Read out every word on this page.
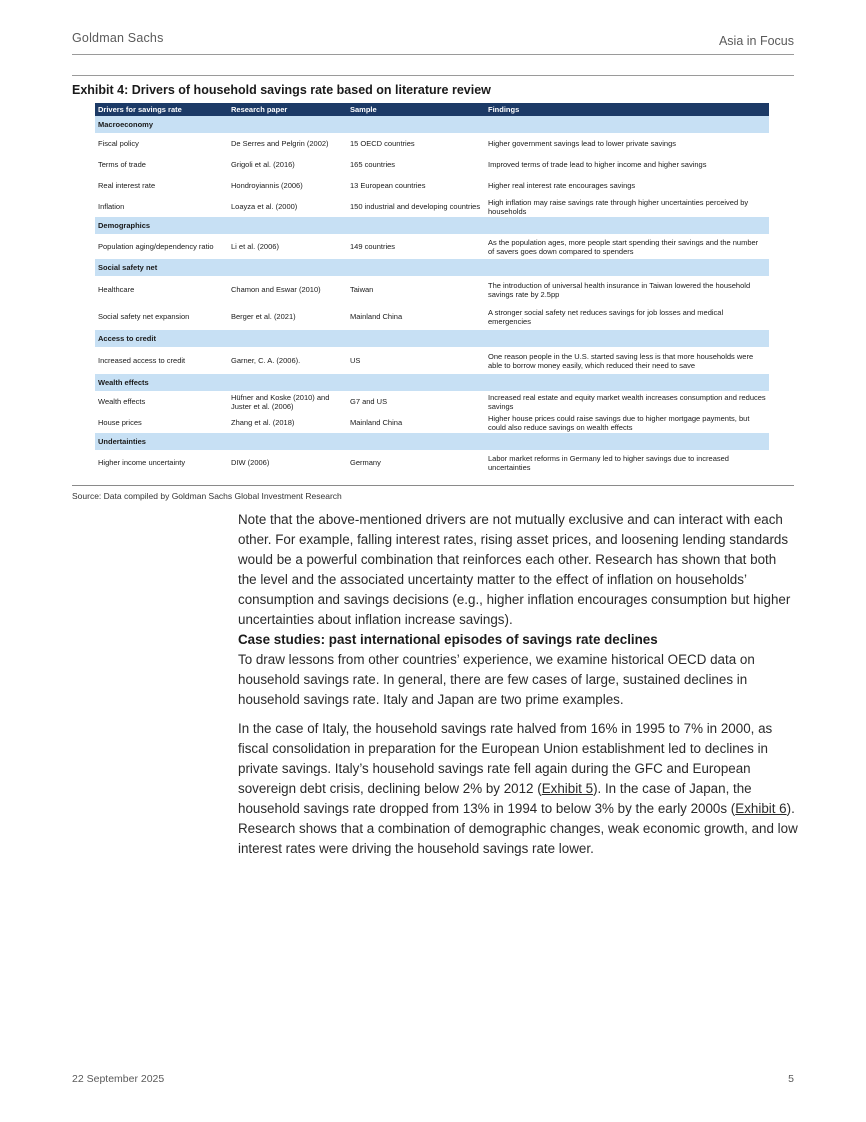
Goldman Sachs	Asia in Focus
Exhibit 4: Drivers of household savings rate based on literature review
Drivers for savings rate	Research paper	Sample	Findings
Macroeconomy			
Fiscal policy	De Serres and Pelgrin (2002)	15 OECD countries	Higher government savings lead to lower private savings
Terms of trade	Grigoli et al. (2016)	165 countries	Improved terms of trade lead to higher income and higher savings
Real interest rate	Hondroyiannis (2006)	13 European countries	Higher real interest rate encourages savings
Inflation	Loayza et al. (2000)	150 industrial and developing countries	High inflation may raise savings rate through higher uncertainties perceived by households
Demographics			
Population aging/dependency ratio	Li et al. (2006)	149 countries	As the population ages, more people start spending their savings and the number of savers goes down compared to spenders
Social safety net			
Healthcare	Chamon and Eswar (2010)	Taiwan	The introduction of universal health insurance in Taiwan lowered the household savings rate by 2.5pp
Social safety net expansion	Berger et al. (2021)	Mainland China	A stronger social safety net reduces savings for job losses and medical emergencies
Access to credit			
Increased access to credit	Garner, C. A. (2006).	US	One reason people in the U.S. started saving less is that more households were able to borrow money easily, which reduced their need to save
Wealth effects			
Wealth effects	Hüfner and Koske (2010) and Juster et al. (2006)	G7 and US	Increased real estate and equity market wealth increases consumption and reduces savings
House prices	Zhang et al. (2018)	Mainland China	Higher house prices could raise savings due to higher mortgage payments, but could also reduce savings on wealth effects
Undertainties			
Higher income uncertainty	DIW (2006)	Germany	Labor market reforms in Germany led to higher savings due to increased uncertainties
Source: Data compiled by Goldman Sachs Global Investment Research

Note that the above-mentioned drivers are not mutually exclusive and can interact with each other. For example, falling interest rates, rising asset prices, and loosening lending standards would be a powerful combination that reinforces each other. Research has shown that both the level and the associated uncertainty matter to the effect of inflation on households’ consumption and savings decisions (e.g., higher inflation encourages consumption but higher uncertainties about inflation increase savings).

Case studies: past international episodes of savings rate declines

To draw lessons from other countries’ experience, we examine historical OECD data on household savings rate. In general, there are few cases of large, sustained declines in household savings rate. Italy and Japan are two prime examples.

In the case of Italy, the household savings rate halved from 16% in 1995 to 7% in 2000, as fiscal consolidation in preparation for the European Union establishment led to declines in private savings. Italy’s household savings rate fell again during the GFC and European sovereign debt crisis, declining below 2% by 2012 (Exhibit 5). In the case of Japan, the household savings rate dropped from 13% in 1994 to below 3% by the early 2000s (Exhibit 6). Research shows that a combination of demographic changes, weak economic growth, and low interest rates were driving the household savings rate lower.

22 September 2025	5
